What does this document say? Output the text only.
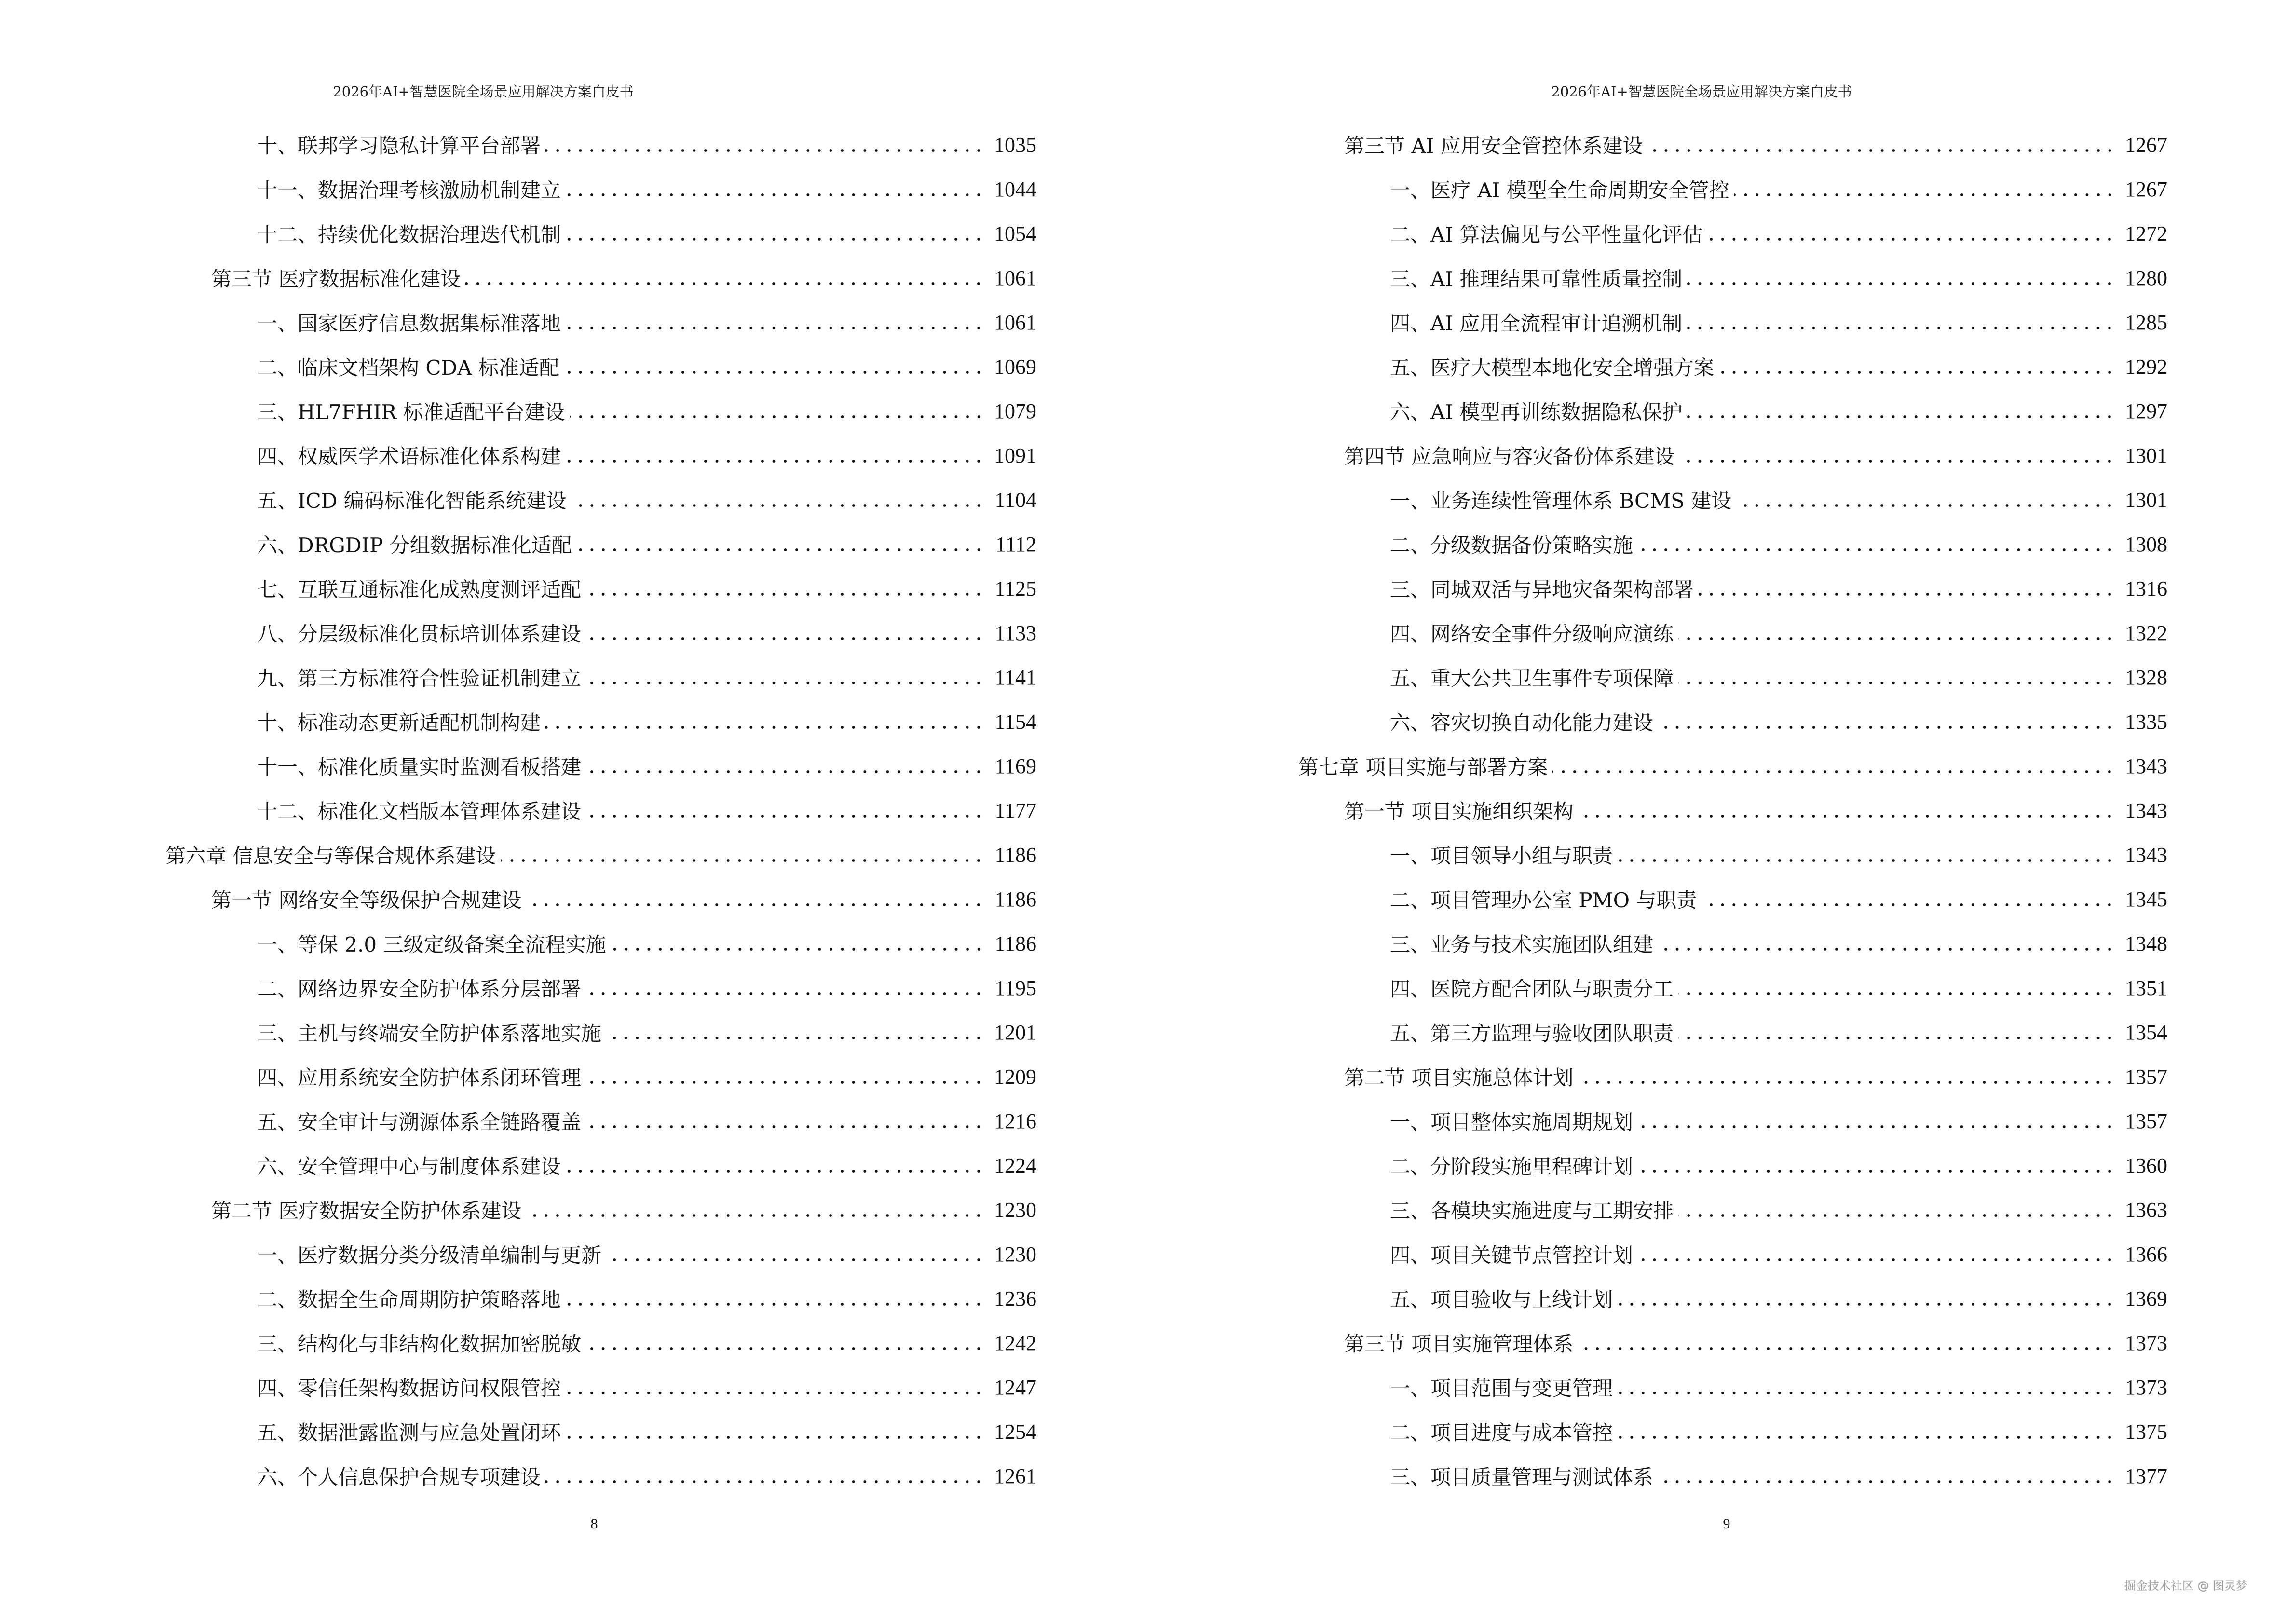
2026年AI+智慧医院全场景应用解决方案白皮书
十、联邦学习隐私计算平台部署	1035
十一、数据治理考核激励机制建立	1044
十二、持续优化数据治理迭代机制	1054
第三节 医疗数据标准化建设	1061
一、国家医疗信息数据集标准落地	1061
二、临床文档架构 CDA 标准适配	1069
三、HL7FHIR 标准适配平台建设	1079
四、权威医学术语标准化体系构建	1091
五、ICD 编码标准化智能系统建设	1104
六、DRGDIP 分组数据标准化适配	1112
七、互联互通标准化成熟度测评适配	1125
八、分层级标准化贯标培训体系建设	1133
九、第三方标准符合性验证机制建立	1141
十、标准动态更新适配机制构建	1154
十一、标准化质量实时监测看板搭建	1169
十二、标准化文档版本管理体系建设	1177
第六章 信息安全与等保合规体系建设	1186
第一节 网络安全等级保护合规建设	1186
一、等保 2.0 三级定级备案全流程实施	1186
二、网络边界安全防护体系分层部署	1195
三、主机与终端安全防护体系落地实施	1201
四、应用系统安全防护体系闭环管理	1209
五、安全审计与溯源体系全链路覆盖	1216
六、安全管理中心与制度体系建设	1224
第二节 医疗数据安全防护体系建设	1230
一、医疗数据分类分级清单编制与更新	1230
二、数据全生命周期防护策略落地	1236
三、结构化与非结构化数据加密脱敏	1242
四、零信任架构数据访问权限管控	1247
五、数据泄露监测与应急处置闭环	1254
六、个人信息保护合规专项建设	1261
8
2026年AI+智慧医院全场景应用解决方案白皮书
第三节 AI 应用安全管控体系建设	1267
一、医疗 AI 模型全生命周期安全管控	1267
二、AI 算法偏见与公平性量化评估	1272
三、AI 推理结果可靠性质量控制	1280
四、AI 应用全流程审计追溯机制	1285
五、医疗大模型本地化安全增强方案	1292
六、AI 模型再训练数据隐私保护	1297
第四节 应急响应与容灾备份体系建设	1301
一、业务连续性管理体系 BCMS 建设	1301
二、分级数据备份策略实施	1308
三、同城双活与异地灾备架构部署	1316
四、网络安全事件分级响应演练	1322
五、重大公共卫生事件专项保障	1328
六、容灾切换自动化能力建设	1335
第七章 项目实施与部署方案	1343
第一节 项目实施组织架构	1343
一、项目领导小组与职责	1343
二、项目管理办公室 PMO 与职责	1345
三、业务与技术实施团队组建	1348
四、医院方配合团队与职责分工	1351
五、第三方监理与验收团队职责	1354
第二节 项目实施总体计划	1357
一、项目整体实施周期规划	1357
二、分阶段实施里程碑计划	1360
三、各模块实施进度与工期安排	1363
四、项目关键节点管控计划	1366
五、项目验收与上线计划	1369
第三节 项目实施管理体系	1373
一、项目范围与变更管理	1373
二、项目进度与成本管控	1375
三、项目质量管理与测试体系	1377
9
掘金技术社区 @ 图灵梦
